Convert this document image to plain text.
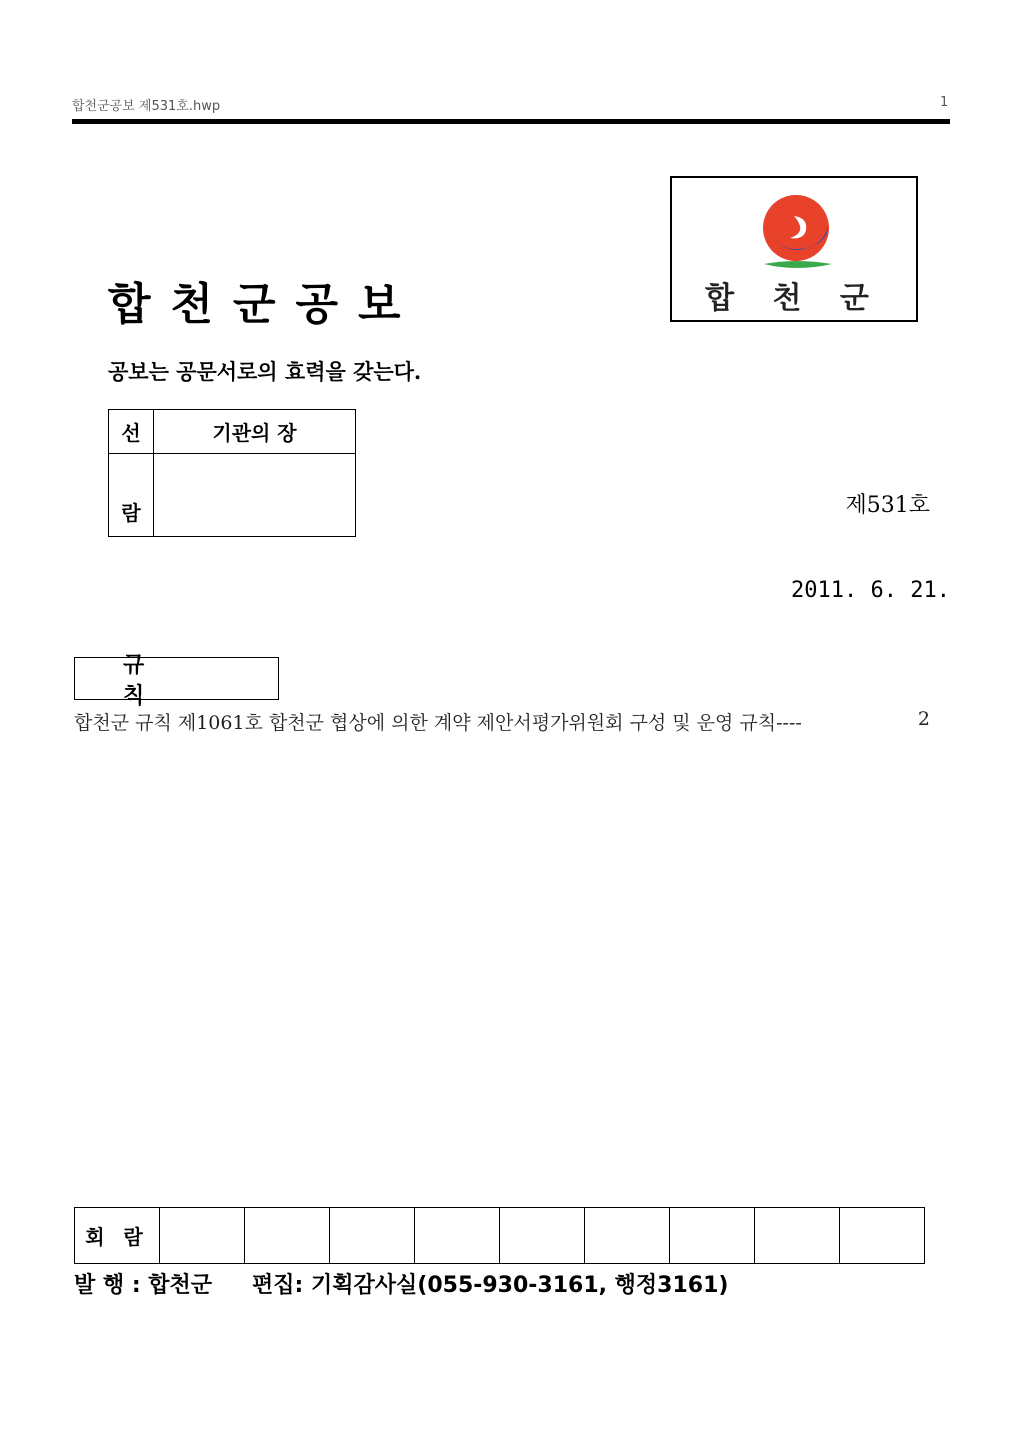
합천군공보 제531호.hwp	1
합 천 군
합천군공보
공보는 공문서로의 효력을 갖는다.
선	기관의 장
람		제531호
2011. 6. 21.
규 칙
합천군 규칙 제1061호 합천군 협상에 의한 계약 제안서평가위원회 구성 및 운영 규칙----	2
회 람									
발 행 : 합천군 편집: 기획감사실(055-930-3161, 행정3161)
